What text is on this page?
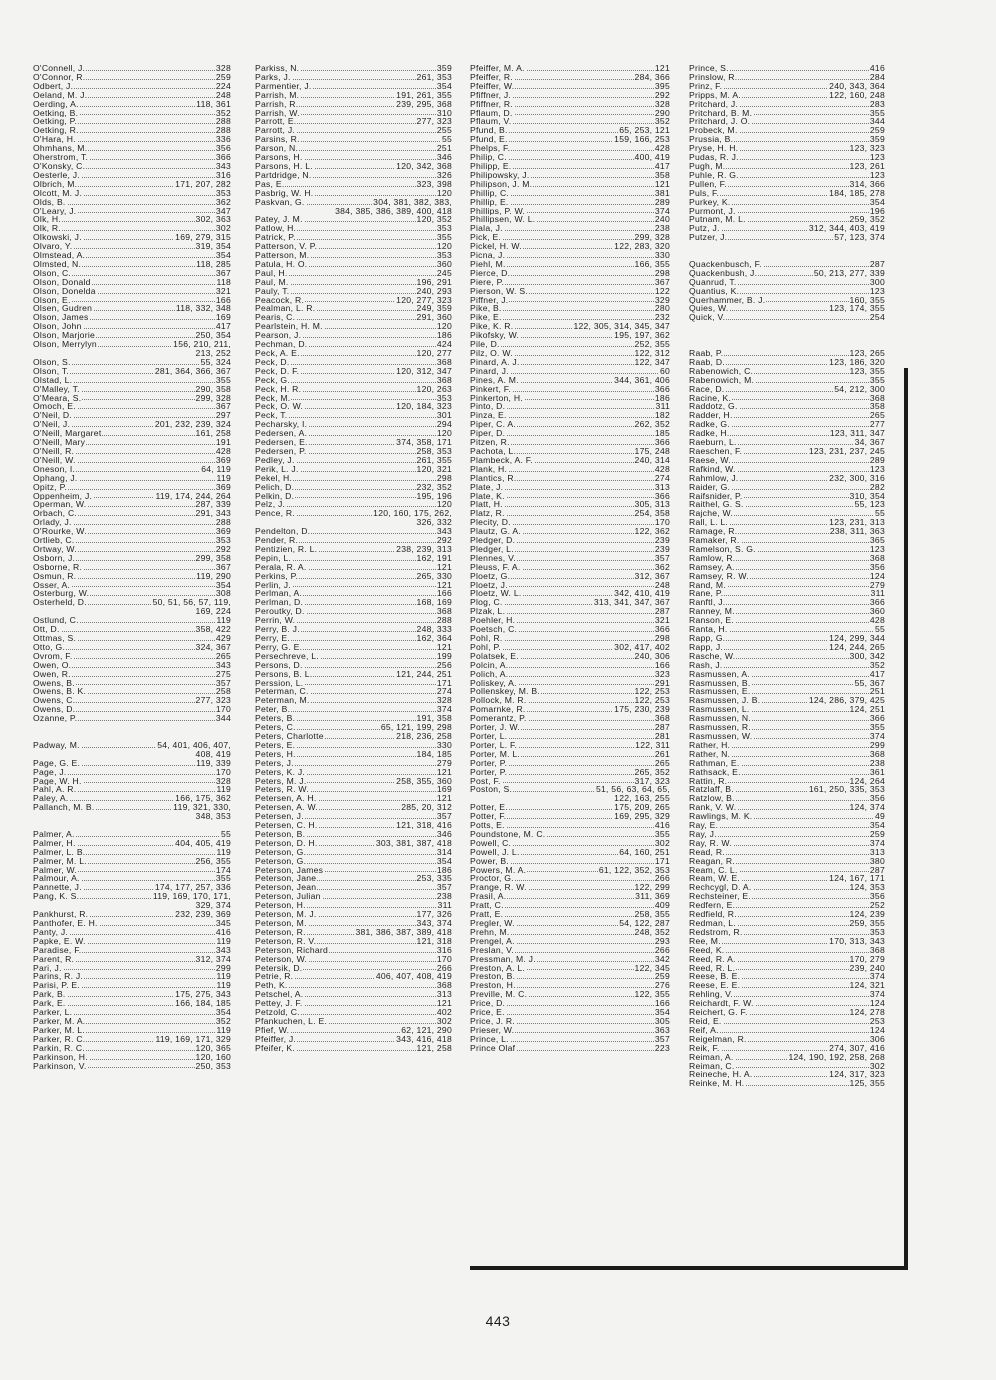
O'Connell, J.	328
O'Connor, R.	259
Odbert, J.	224
Oeland, M. J.	248
Oerding, A.	118, 361
Oetking, B.	352
Oetking, P.	288
Oetking, R.	288
O'Hara, H.	336
Ohmhans, M.	356
Oherstrom, T.	366
O'Konsky, C.	343
Oesterle, J.	316
Olbrich, M.	171, 207, 282
Olcott, M. J.	353
Olds, B.	362
O'Leary, J.	347
Olk, H.	302, 363
Olk, R.	302
Olkowski, J.	169, 279, 315
Olvaro, Y.	319, 354
Olmstead, A.	354
Olmsted, N.	118, 285
Olson, C.	367
Olson, Donald	118
Olson, Donelda	321
Olson, E.	166
Olsen, Gudren	118, 332, 348
Olson, James	169
Olson, John	417
Olson, Marjorie	250, 354
Olson, Merrylyn	156, 210, 211,
213, 252
Olson, S.	55, 324
Olson, T.	281, 364, 366, 367
Olstad, L.	355
O'Malley, T.	290, 358
O'Meara, S.	299, 328
Omoch, E.	367
O'Neil, D.	297
O'Neil, J.	201, 232, 239, 324
O'Neill, Margaret	161, 258
O'Neill, Mary	191
O'Neill, R.	428
O'Neill, W.	369
Oneson, I.	64, 119
Ophang, J.	119
Opitz, P.	369
Oppenheim, J.	119, 174, 244, 264
Operman, W.	287, 339
Orbach, C.	291, 343
Orlady, J.	288
O'Rourke, W.	369
Ortlieb, C.	353
Ortway, W.	292
Osborn, J.	299, 358
Osborne, R.	367
Osmun, R.	119, 290
Osser, A.	354
Osterburg, W.	308
Osterheld, D.	50, 51, 56, 57, 119,
169, 224
Ostlund, C.	119
Ott, D.	358, 422
Ottmas, S.	429
Otto, G.	324, 367
Ovrom, F.	265
Owen, O.	343
Owen, R.	275
Owens, B.	357
Owens, B. K.	258
Owens, C.	277, 323
Owens, D.	170
Ozanne, P.	344
Padway, M.	54, 401, 406, 407,
408, 419
Page, G. E.	119, 339
Page, J.	170
Page, W. H.	328
Pahl, A. R.	119
Paley, A.	166, 175, 362
Pallanch, M. B.	119, 321, 330,
348, 353
Palmer, A.	55
Palmer, H.	404, 405, 419
Palmer, L. B.	119
Palmer, M. L.	256, 355
Palmer, W.	174
Palmour, A.	355
Pannette, J.	174, 177, 257, 336
Pang, K. S.	119, 169, 170, 171,
329, 374
Pankhurst, R.	232, 239, 369
Panthofer, E. H.	345
Panty, J.	416
Papke, E. W.	119
Paradise, F.	343
Parent, R.	312, 374
Pari, J.	299
Parins, R. J.	119
Parisi, P. E.	119
Park, B.	175, 275, 343
Park, E.	166, 184, 185
Parker, L.	354
Parker, M. A.	352
Parker, M. L.	119
Parker, R. C.	119, 169, 171, 329
Parkin, R. C.	120, 365
Parkinson, H.	120, 160
Parkinson, V.	250, 353
Parkiss, N.	359
Parks, J.	261, 353
Parmentier, J.	354
Parrish, M.	191, 261, 355
Parrish, R.	239, 295, 368
Parrish, W.	310
Parrott, E.	277, 323
Parrott, J.	255
Parsins, R.	55
Parson, N.	251
Parsons, H.	346
Parsons, H. L.	120, 342, 368
Partdridge, N.	326
Pas, E.	323, 398
Pasbrig, W. H.	120
Paskvan, G.	304, 381, 382, 383,
384, 385, 386, 389, 400, 418
Patey, J. M.	120, 352
Patlow, H.	353
Patrick, P.	355
Patterson, V. P.	120
Patterson, M.	353
Patula, H. O.	360
Paul, H.	245
Paul, M.	196, 291
Pauly, T.	240, 293
Peacock, R.	120, 277, 323
Pealman, L. R.	249, 359
Pearis, C.	291, 360
Pearlstein, H. M.	120
Pearson, J.	186
Pechman, D.	424
Peck, A. E.	120, 277
Peck, D.	368
Peck, D. F.	120, 312, 347
Peck, G.	368
Peck, H. R.	120, 263
Peck, M.	353
Peck, O. W.	120, 184, 323
Peck, T.	301
Pecharsky, I.	294
Pedersen, A.	120
Pedersen, E.	374, 358, 171
Pedersen, P.	258, 353
Pedley, J.	261, 355
Perik, L. J.	120, 321
Pekel, H.	298
Pelich, D.	232, 352
Pelkin, D.	195, 196
Pelz, J.	120
Pence, R.	120, 160, 175, 262,
326, 332
Pendelton, D.	343
Pender, R.	292
Pentizien, R. L.	238, 239, 313
Pepin, L.	162, 191
Perala, R. A.	121
Perkins, P.	265, 330
Perlin, J.	121
Perlman, A.	166
Perlman, D.	168, 169
Peroutky, D.	368
Perrin, W.	288
Perry, B. J.	248, 333
Perry, E.	162, 364
Perry, G. E.	121
Persechreve, L.	199
Persons, D.	256
Persons, B. L.	121, 244, 251
Perssion, L.	171
Peterman, C.	274
Peterman, M.	328
Peter, B.	374
Peters, B.	191, 358
Peters, C.	65, 121, 199, 298
Peters, Charlotte	218, 236, 258
Peters, E.	330
Peters, H.	184, 185
Peters, J.	279
Peters, K. J.	121
Peters, M. J.	258, 355, 360
Peters, R. W.	169
Petersen, A. H.	121
Petersen, A. W.	285, 20, 312
Petersen, J.	357
Petersen, C. H.	121, 318, 416
Peterson, B.	346
Peterson, D. H.	303, 381, 387, 418
Peterson, G.	314
Peterson, G.	354
Peterson, James	186
Peterson, Jane	253, 335
Peterson, Jean	357
Peterson, Julian	238
Peterson, H.	311
Peterson, M. J.	177, 326
Peterson, M.	343, 374
Peterson, R.	381, 386, 387, 389, 418
Peterson, R. V.	121, 318
Peterson, Richard	316
Peterson, W.	170
Petersik, D.	266
Petrie, R.	406, 407, 408, 419
Peth, K.	368
Petschel, A.	313
Pettey, J. F.	121
Petzold, C.	402
Pfankuchen, L. E.	302
Pfief, W.	62, 121, 290
Pfeiffer, J.	343, 416, 418
Pfeifer, K.	121, 258
Pfeiffer, M. A.	121
Pfeiffer, R.	284, 366
Pfeiffer, W.	395
Pfiffner, J.	292
Pfiffner, R.	328
Pflaum, D.	290
Pflaum, V.	352
Pfund, B.	65, 253, 121
Pfund, E.	159, 166, 253
Phelps, F.	428
Philip, C.	400, 419
Philipp, E.	417
Philipowsky, J.	358
Philipson, J. M.	121
Phillip, C.	381
Phillip, E.	289
Phillips, P. W.	374
Phillipsen, W. L.	240
Piala, J.	238
Pick, E.	299, 328
Pickel, H. W.	122, 283, 320
Picna, J.	330
Piehl, M.	166, 355
Pierce, D.	298
Piere, P.	367
Pierson, W. S.	122
Piffner, J.	329
Pike, B.	280
Pike, E.	232
Pike, K. R.	122, 305, 314, 345, 347
Pikofsky, W.	195, 197, 362
Pile, D.	252, 355
Pilz, O. W.	122, 312
Pinard, A. J.	122, 347
Pinard, J.	60
Pines, A. M.	344, 361, 406
Pinkert, F.	366
Pinkerton, H.	186
Pinto, D.	311
Pinza, E.	182
Piper, C. A.	262, 352
Piper, D.	185
Pitzen, R.	366
Pachota, L.	175, 248
Plambeck, A. F.	240, 314
Plank, H.	428
Plantics, R.	274
Plate, J.	313
Plate, K.	366
Platt, H.	305, 313
Platz, R.	254, 358
Plecity, D.	170
Plautz, G. A.	122, 362
Pledger, D.	239
Pledger, L.	239
Plennes, V.	357
Pleuss, F. A.	362
Ploetz, G.	312, 367
Ploetz, J.	248
Ploetz, W. L.	342, 410, 419
Plog, C.	313, 341, 347, 367
Plzak, L.	287
Poehler, H.	321
Poetsch, C.	366
Pohl, R.	298
Pohl, P.	302, 417, 402
Polatsek, E.	240, 306
Polcin, A.	166
Polich, A.	323
Poliskey, A.	291
Pollenskey, M. B.	122, 253
Pollock, M. R.	122, 253
Pomarnke, R.	175, 230, 239
Pomerantz, P.	368
Porter, J. W.	287
Porter, L.	281
Porter, L. F.	122, 311
Porter, M. L.	261
Porter, P.	265
Porter, P.	265, 352
Post, F.	317, 323
Poston, S.	51, 56, 63, 64, 65,
122, 163, 255
Potter, E.	175, 209, 265
Potter, F.	169, 295, 329
Potts, E.	416
Poundstone, M. C.	355
Powell, C.	302
Powell, J. L.	64, 160, 251
Power, B.	171
Powers, M. A.	61, 122, 352, 353
Proctor, G.	266
Prange, R. W.	122, 299
Prasil, A.	311, 369
Pratt, C.	409
Pratt, E.	258, 355
Pregler, W.	54, 122, 287
Prehn, M.	248, 352
Prengel, A.	293
Preslan, V.	266
Pressman, M. J.	342
Preston, A. L.	122, 345
Preston, B.	259
Preston, H.	276
Preville, M. C.	122, 355
Price, D.	166
Price, E.	354
Price, J. R.	305
Prieser, W.	363
Prince, L.	357
Prince Olaf	223
Prince, S.	416
Prinslow, R.	284
Prinz, F.	240, 343, 364
Pripps, M. A.	122, 160, 248
Pritchard, J.	283
Pritchard, B. M.	355
Pritchard, J. O.	344
Probeck, M.	259
Prussia, B.	359
Pryse, H. H.	123, 323
Pudas, R. J.	123
Pugh, M.	123, 261
Puhle, R. G.	123
Pullen, F.	314, 366
Puls, F.	184, 185, 278
Purkey, K.	354
Purmont, J.	196
Putnam, M. L.	259, 352
Putz, J.	312, 344, 403, 419
Putzer, J.	57, 123, 374
Quackenbusch, F.	287
Quackenbush, J.	50, 213, 277, 339
Quanrud, T.	300
Quantius, K.	123
Querhammer, B. J.	160, 355
Quies, W.	123, 174, 355
Quick, V.	254
Raab, P.	123, 265
Raab, D.	123, 186, 320
Rabenowich, C.	123, 355
Rabenowich, M.	355
Race, D.	54, 212, 300
Racine, K.	368
Raddotz, G.	358
Radder, H.	265
Radke, G.	277
Radke, H.	123, 311, 347
Raeburn, L.	34, 367
Raeschen, F.	123, 231, 237, 245
Raese, W.	289
Rafkind, W.	123
Rahmlow, J.	232, 300, 316
Raider, G.	282
Raifsnider, P.	310, 354
Raithel, G. S.	55, 123
Rajche, W.	55
Rall, L. L.	123, 231, 313
Ramage, R.	238, 311, 363
Ramaker, R.	365
Ramelson, S. G.	123
Ramlow, R.	368
Ramsey, A.	356
Ramsey, R. W.	124
Rand, M.	279
Rane, P.	311
Ranftl, J.	366
Ranney, M.	360
Ranson, E.	428
Ranta, H.	55
Rapp, G.	124, 299, 344
Rapp, J.	124, 244, 265
Rasche, W.	300, 342
Rash, J.	352
Rasmussen, A.	417
Rasmussen, B.	55, 367
Rasmussen, E.	251
Rasmussen, J. B.	124, 286, 379, 425
Rasmussen, L.	124, 251
Rasmussen, N.	366
Rasmussen, R.	355
Rasmussen, W.	374
Rather, H.	299
Rather, N.	368
Rathman, E.	238
Rathsack, E.	361
Rattin, R.	124, 264
Ratzlaff, B.	161, 250, 335, 353
Ratzlow, B.	356
Rank, V. W.	124, 374
Rawlings, M. K.	49
Ray, E.	354
Ray, J.	259
Ray, R. W.	374
Read, R.	313
Reagan, R.	380
Ream, C. L.	287
Ream, W. E.	124, 167, 171
Rechcygl, D. A.	124, 353
Rechsteiner, E.	356
Redfern, E.	252
Redfield, R.	124, 239
Redman, L.	259, 355
Redstrom, R.	353
Ree, M.	170, 313, 343
Reed, K.	368
Reed, R. A.	170, 279
Reed, R. L.	239, 240
Reese, B. E.	374
Reese, E. E.	124, 321
Rehling, V.	374
Reichardt, F. W.	124
Reichert, G. F.	124, 278
Reid, E.	253
Reif, A.	124
Reigelman, R.	306
Reik, F.	274, 307, 416
Reiman, A.	124, 190, 192, 258, 268
Reiman, C.	302
Reineche, H. A.	124, 317, 323
Reinke, M. H.	125, 355
443
